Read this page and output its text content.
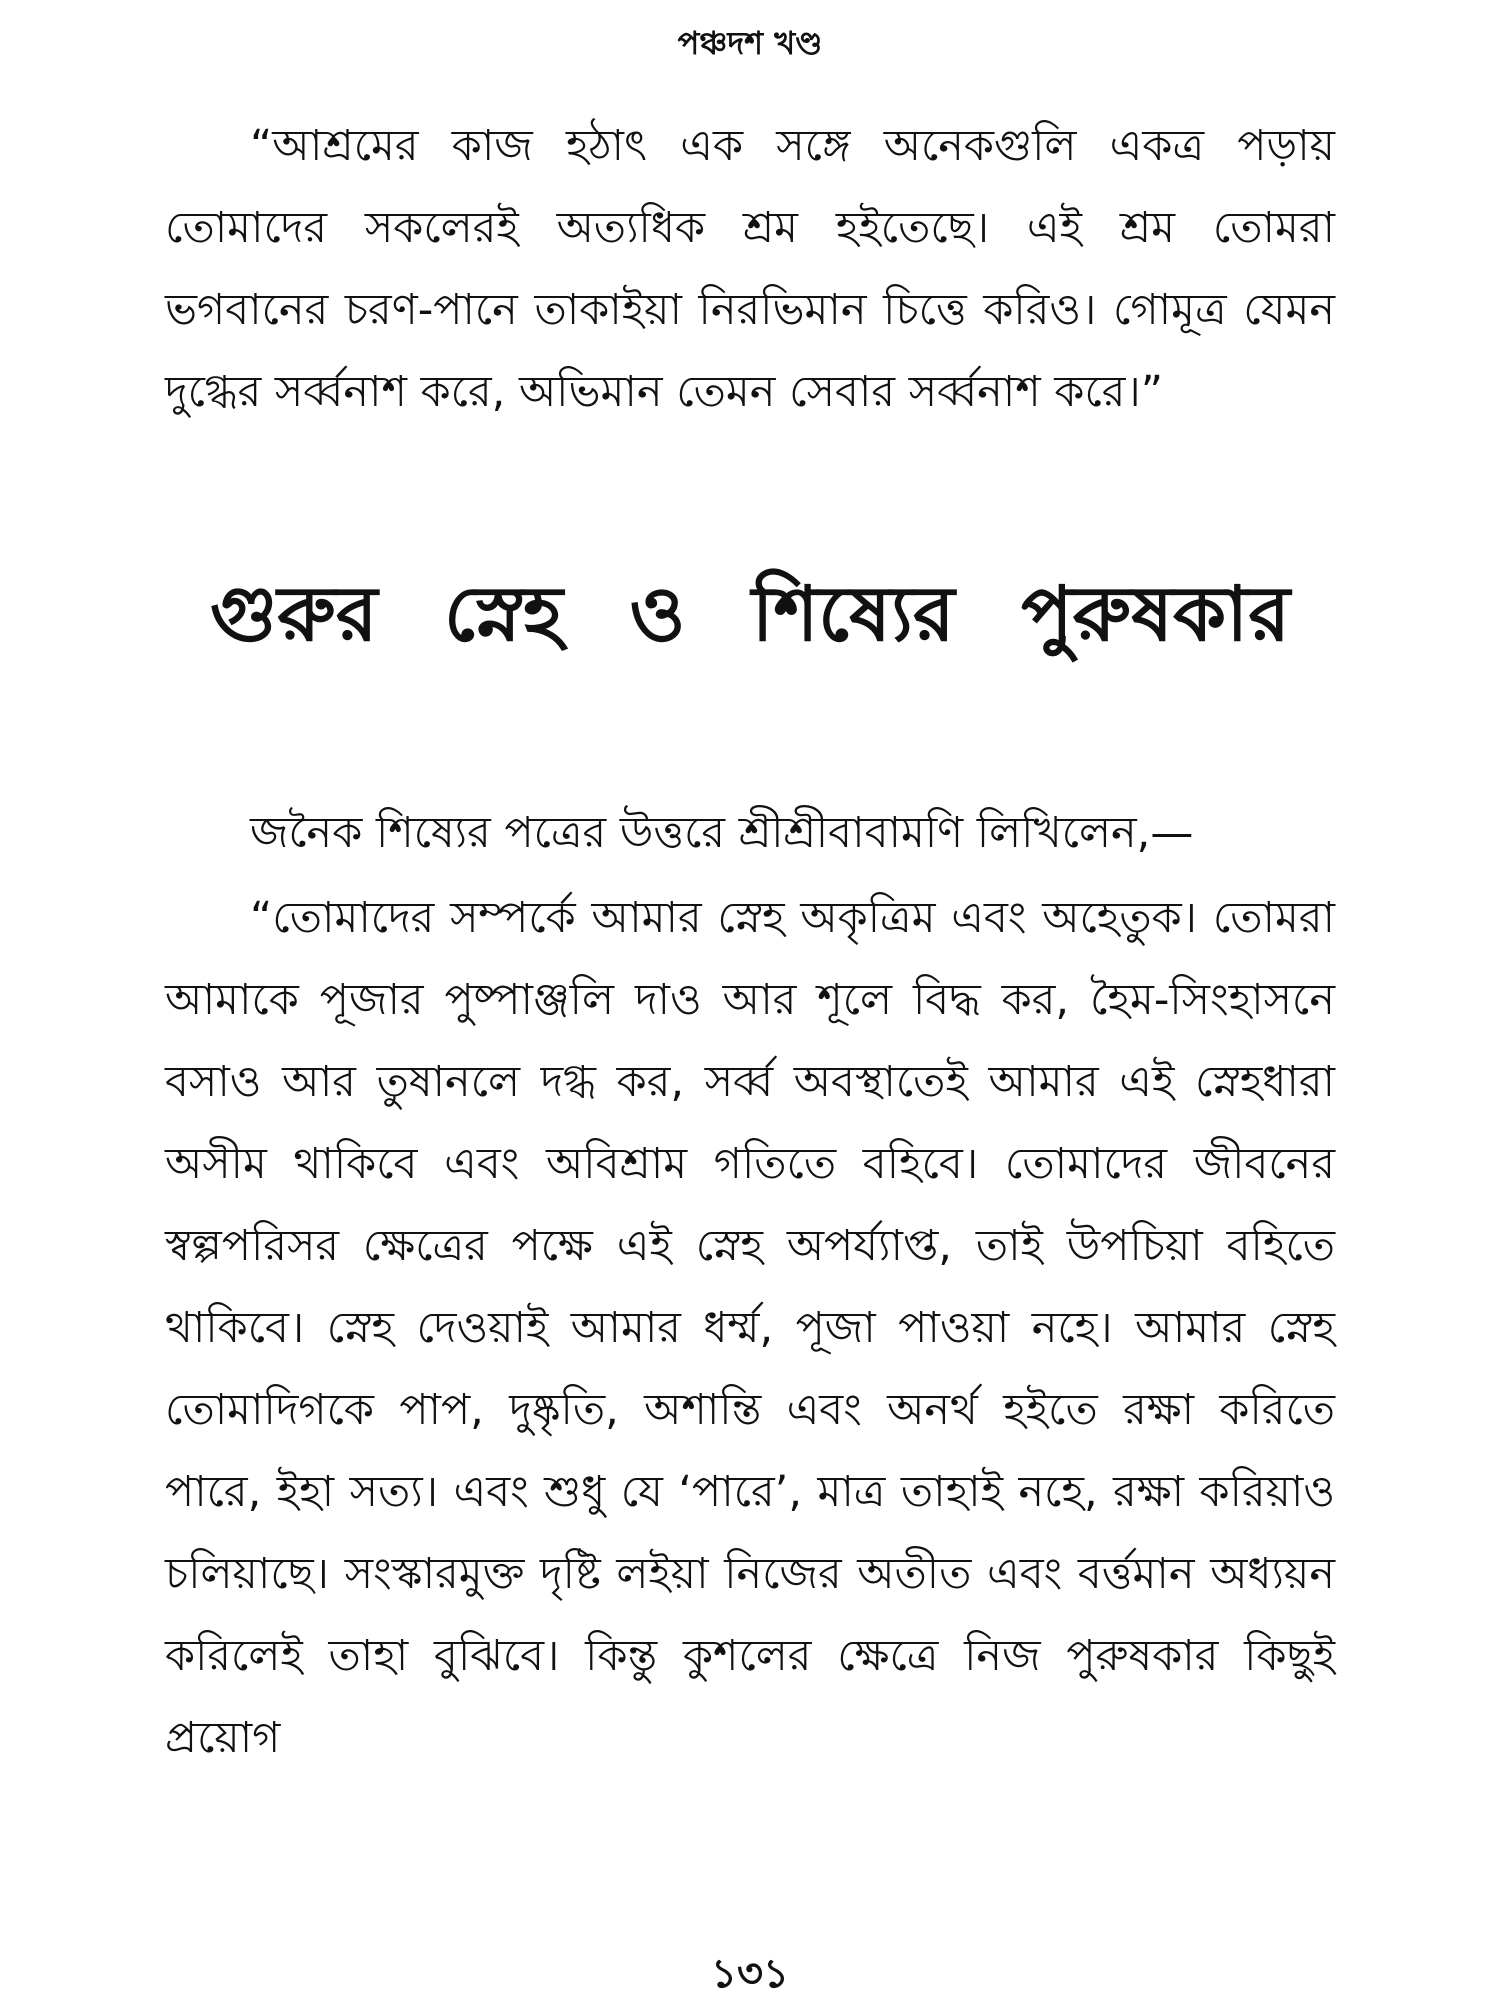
পঞ্চদশ খণ্ড

“আশ্রমের কাজ হঠাৎ এক সঙ্গে অনেকগুলি একত্র পড়ায় তোমাদের সকলেরই অত্যধিক শ্রম হইতেছে। এই শ্রম তোমরা ভগবানের চরণ-পানে তাকাইয়া নিরভিমান চিত্তে করিও। গোমূত্র যেমন দুগ্ধের সর্ব্বনাশ করে, অভিমান তেমন সেবার সর্ব্বনাশ করে।”

গুরুর স্নেহ ও শিষ্যের পুরুষকার

জনৈক শিষ্যের পত্রের উত্তরে শ্রীশ্রীবাবামণি লিখিলেন,—

“তোমাদের সম্পর্কে আমার স্নেহ অকৃত্রিম এবং অহেতুক। তোমরা আমাকে পূজার পুষ্পাঞ্জলি দাও আর শূলে বিদ্ধ কর, হৈম-সিংহাসনে বসাও আর তুষানলে দগ্ধ কর, সর্ব্ব অবস্থাতেই আমার এই স্নেহধারা অসীম থাকিবে এবং অবিশ্রাম গতিতে বহিবে। তোমাদের জীবনের স্বল্পপরিসর ক্ষেত্রের পক্ষে এই স্নেহ অপর্য্যাপ্ত, তাই উপচিয়া বহিতে থাকিবে। স্নেহ দেওয়াই আমার ধর্ম্ম, পূজা পাওয়া নহে। আমার স্নেহ তোমাদিগকে পাপ, দুষ্কৃতি, অশান্তি এবং অনর্থ হইতে রক্ষা করিতে পারে, ইহা সত্য। এবং শুধু যে ‘পারে’, মাত্র তাহাই নহে, রক্ষা করিয়াও চলিয়াছে। সংস্কারমুক্ত দৃষ্টি লইয়া নিজের অতীত এবং বর্ত্তমান অধ্যয়ন করিলেই তাহা বুঝিবে। কিন্তু কুশলের ক্ষেত্রে নিজ পুরুষকার কিছুই প্রয়োগ

১৩১
